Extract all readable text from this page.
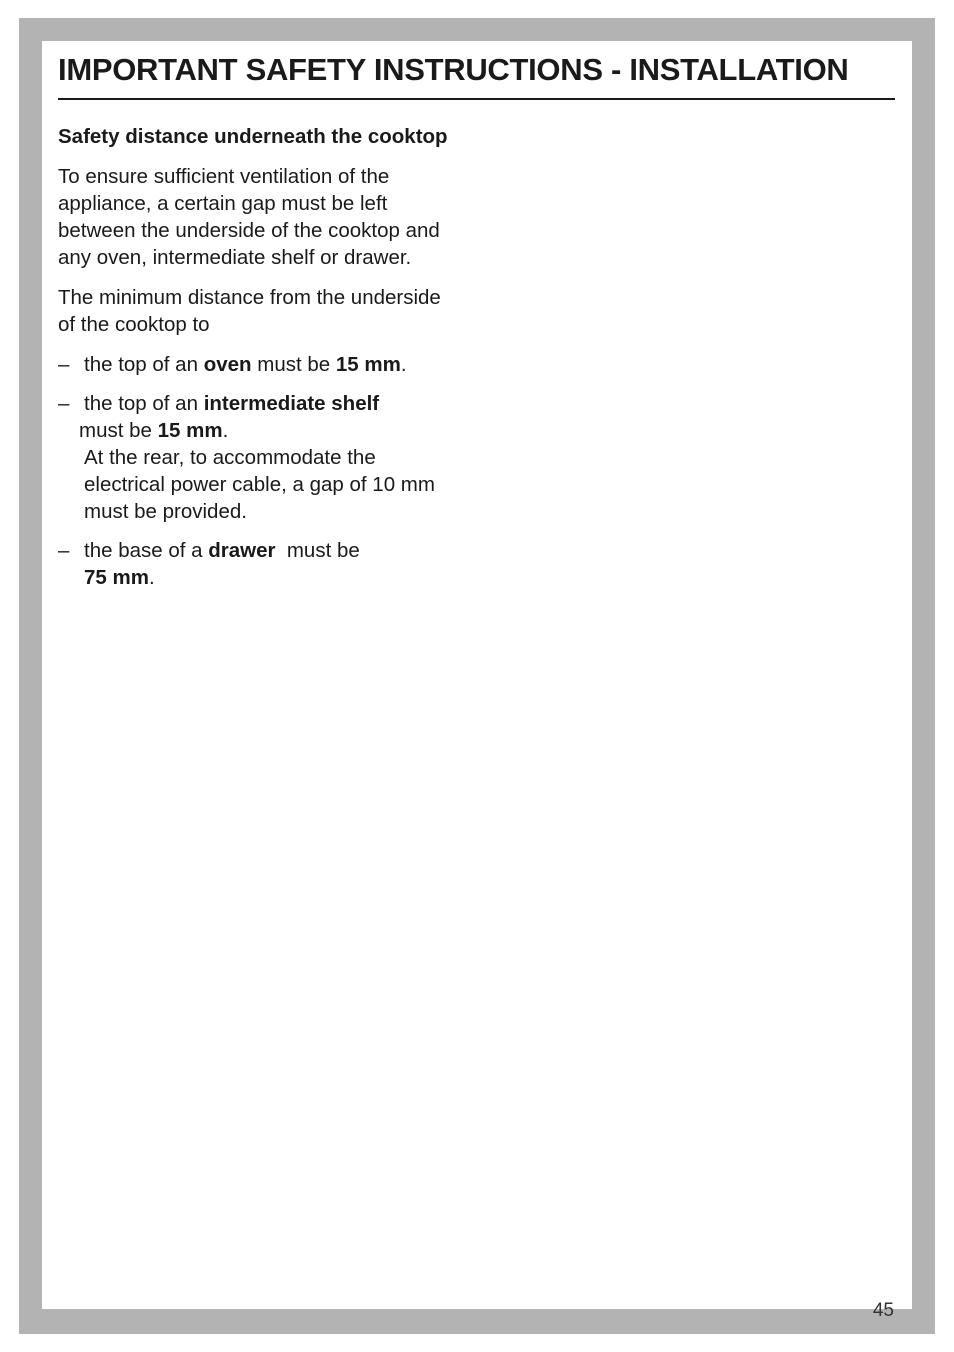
IMPORTANT SAFETY INSTRUCTIONS - INSTALLATION
Safety distance underneath the cooktop

To ensure sufficient ventilation of the appliance, a certain gap must be left between the underside of the cooktop and any oven, intermediate shelf or drawer.

The minimum distance from the underside of the cooktop to

– the top of an oven must be 15 mm.
– the top of an intermediate shelf
must be 15 mm.
At the rear, to accommodate the electrical power cable, a gap of 10 mm must be provided.
– the base of a drawer  must be
75 mm.
45
